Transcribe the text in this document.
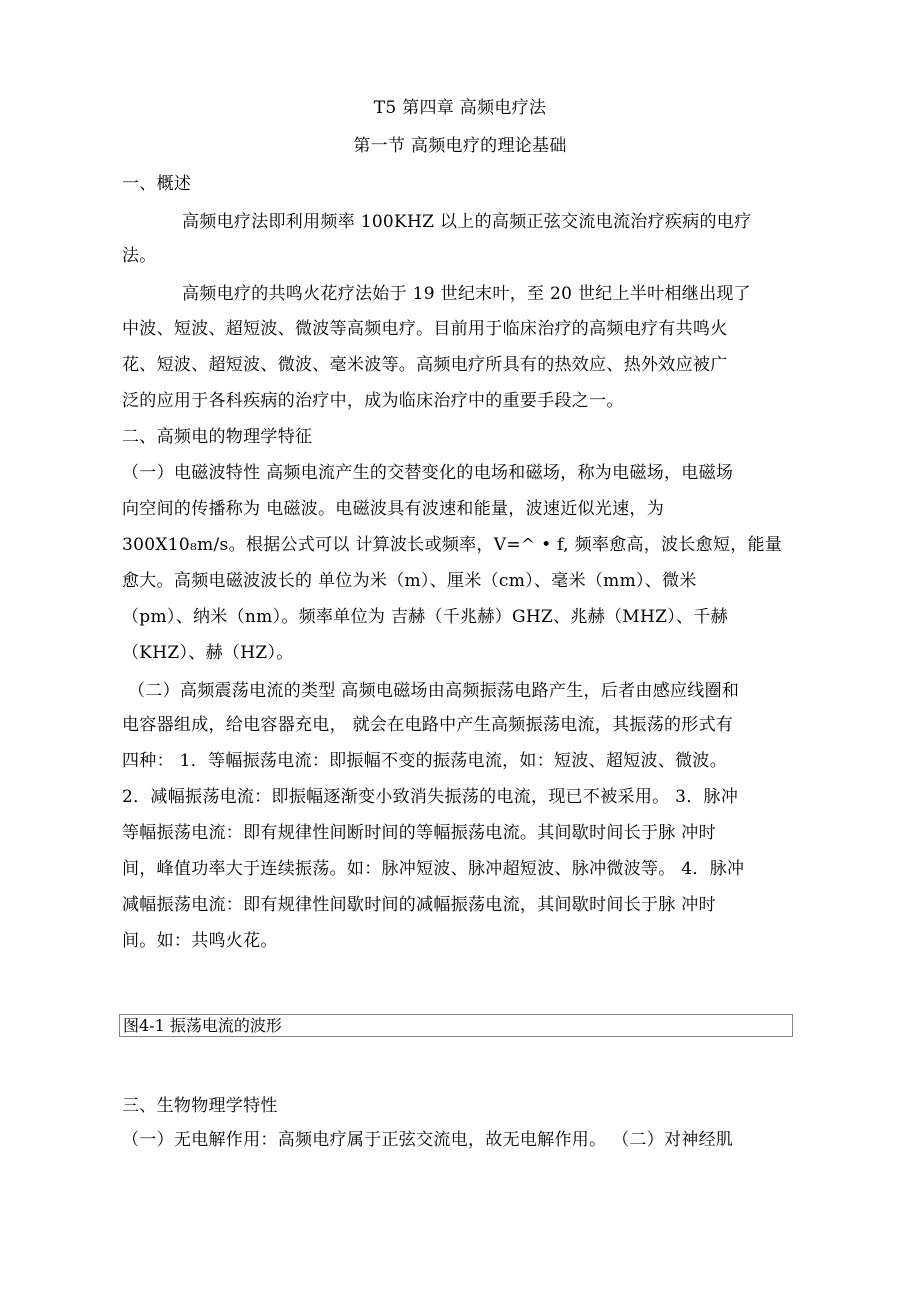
T5 第四章 高频电疗法
第一节 高频电疗的理论基础
一、概述
高频电疗法即利用频率 100KHZ 以上的高频正弦交流电流治疗疾病的电疗
法。
高频电疗的共鸣火花疗法始于 19 世纪末叶，至 20 世纪上半叶相继出现了
中波、短波、超短波、微波等高频电疗。目前用于临床治疗的高频电疗有共鸣火
花、短波、超短波、微波、毫米波等。高频电疗所具有的热效应、热外效应被广
泛的应用于各科疾病的治疗中，成为临床治疗中的重要手段之一。
二、高频电的物理学特征
（一）电磁波特性 高频电流产生的交替变化的电场和磁场，称为电磁场，电磁场
向空间的传播称为 电磁波。电磁波具有波速和能量，波速近似光速，为
300X10₈m/s。根据公式可以 计算波长或频率，V=^ • f, 频率愈高，波长愈短，能量
愈大。高频电磁波波长的 单位为米（m）、厘米（cm）、毫米（mm）、微米
（pm）、纳米（nm）。频率单位为 吉赫（千兆赫）GHZ、兆赫（MHZ）、千赫
（KHZ）、赫（HZ）。
（二）高频震荡电流的类型 高频电磁场由高频振荡电路产生，后者由感应线圈和
电容器组成，给电容器充电， 就会在电路中产生高频振荡电流，其振荡的形式有
四种： 1．等幅振荡电流：即振幅不变的振荡电流，如：短波、超短波、微波。
2．减幅振荡电流：即振幅逐渐变小致消失振荡的电流，现已不被采用。 3．脉冲
等幅振荡电流：即有规律性间断时间的等幅振荡电流。其间歇时间长于脉 冲时
间，峰值功率大于连续振荡。如：脉冲短波、脉冲超短波、脉冲微波等。 4．脉冲
减幅振荡电流：即有规律性间歇时间的减幅振荡电流，其间歇时间长于脉 冲时
间。如：共鸣火花。
图4-1 振荡电流的波形
三、生物物理学特性
（一）无电解作用：高频电疗属于正弦交流电，故无电解作用。 （二）对神经肌
